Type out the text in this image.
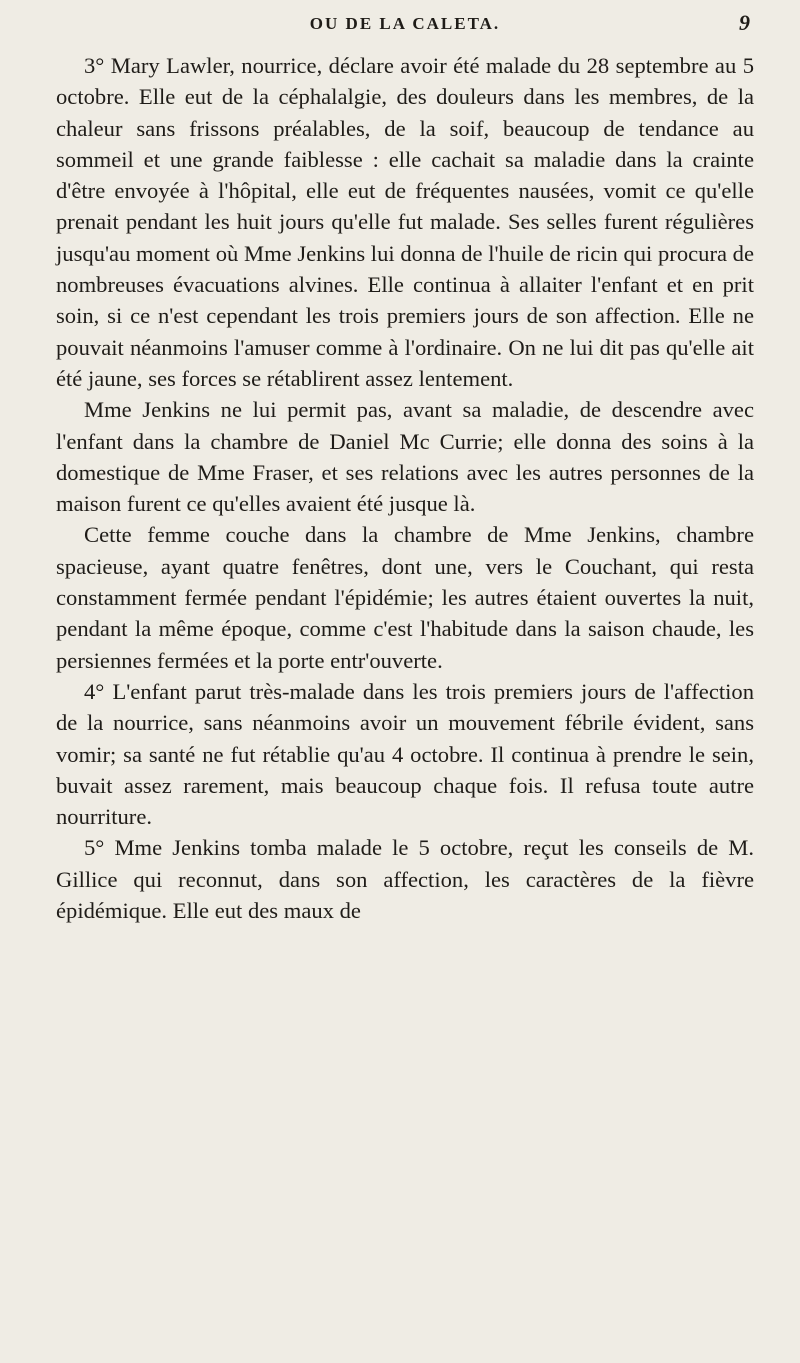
OU DE LA CALETA.	9

3° Mary Lawler, nourrice, déclare avoir été malade du 28 septembre au 5 octobre. Elle eut de la céphalalgie, des douleurs dans les membres, de la chaleur sans frissons préalables, de la soif, beaucoup de tendance au sommeil et une grande faiblesse : elle cachait sa maladie dans la crainte d'être envoyée à l'hôpital, elle eut de fréquentes nausées, vomit ce qu'elle prenait pendant les huit jours qu'elle fut malade. Ses selles furent régulières jusqu'au moment où Mme Jenkins lui donna de l'huile de ricin qui procura de nombreuses évacuations alvines. Elle continua à allaiter l'enfant et en prit soin, si ce n'est cependant les trois premiers jours de son affection. Elle ne pouvait néanmoins l'amuser comme à l'ordinaire. On ne lui dit pas qu'elle ait été jaune, ses forces se rétablirent assez lentement.

Mme Jenkins ne lui permit pas, avant sa maladie, de descendre avec l'enfant dans la chambre de Daniel Mc Currie; elle donna des soins à la domestique de Mme Fraser, et ses relations avec les autres personnes de la maison furent ce qu'elles avaient été jusque là.

Cette femme couche dans la chambre de Mme Jenkins, chambre spacieuse, ayant quatre fenêtres, dont une, vers le Couchant, qui resta constamment fermée pendant l'épidémie; les autres étaient ouvertes la nuit, pendant la même époque, comme c'est l'habitude dans la saison chaude, les persiennes fermées et la porte entr'ouverte.

4° L'enfant parut très-malade dans les trois premiers jours de l'affection de la nourrice, sans néanmoins avoir un mouvement fébrile évident, sans vomir; sa santé ne fut rétablie qu'au 4 octobre. Il continua à prendre le sein, buvait assez rarement, mais beaucoup chaque fois. Il refusa toute autre nourriture.

5° Mme Jenkins tomba malade le 5 octobre, reçut les conseils de M. Gillice qui reconnut, dans son affection, les caractères de la fièvre épidémique. Elle eut des maux de
